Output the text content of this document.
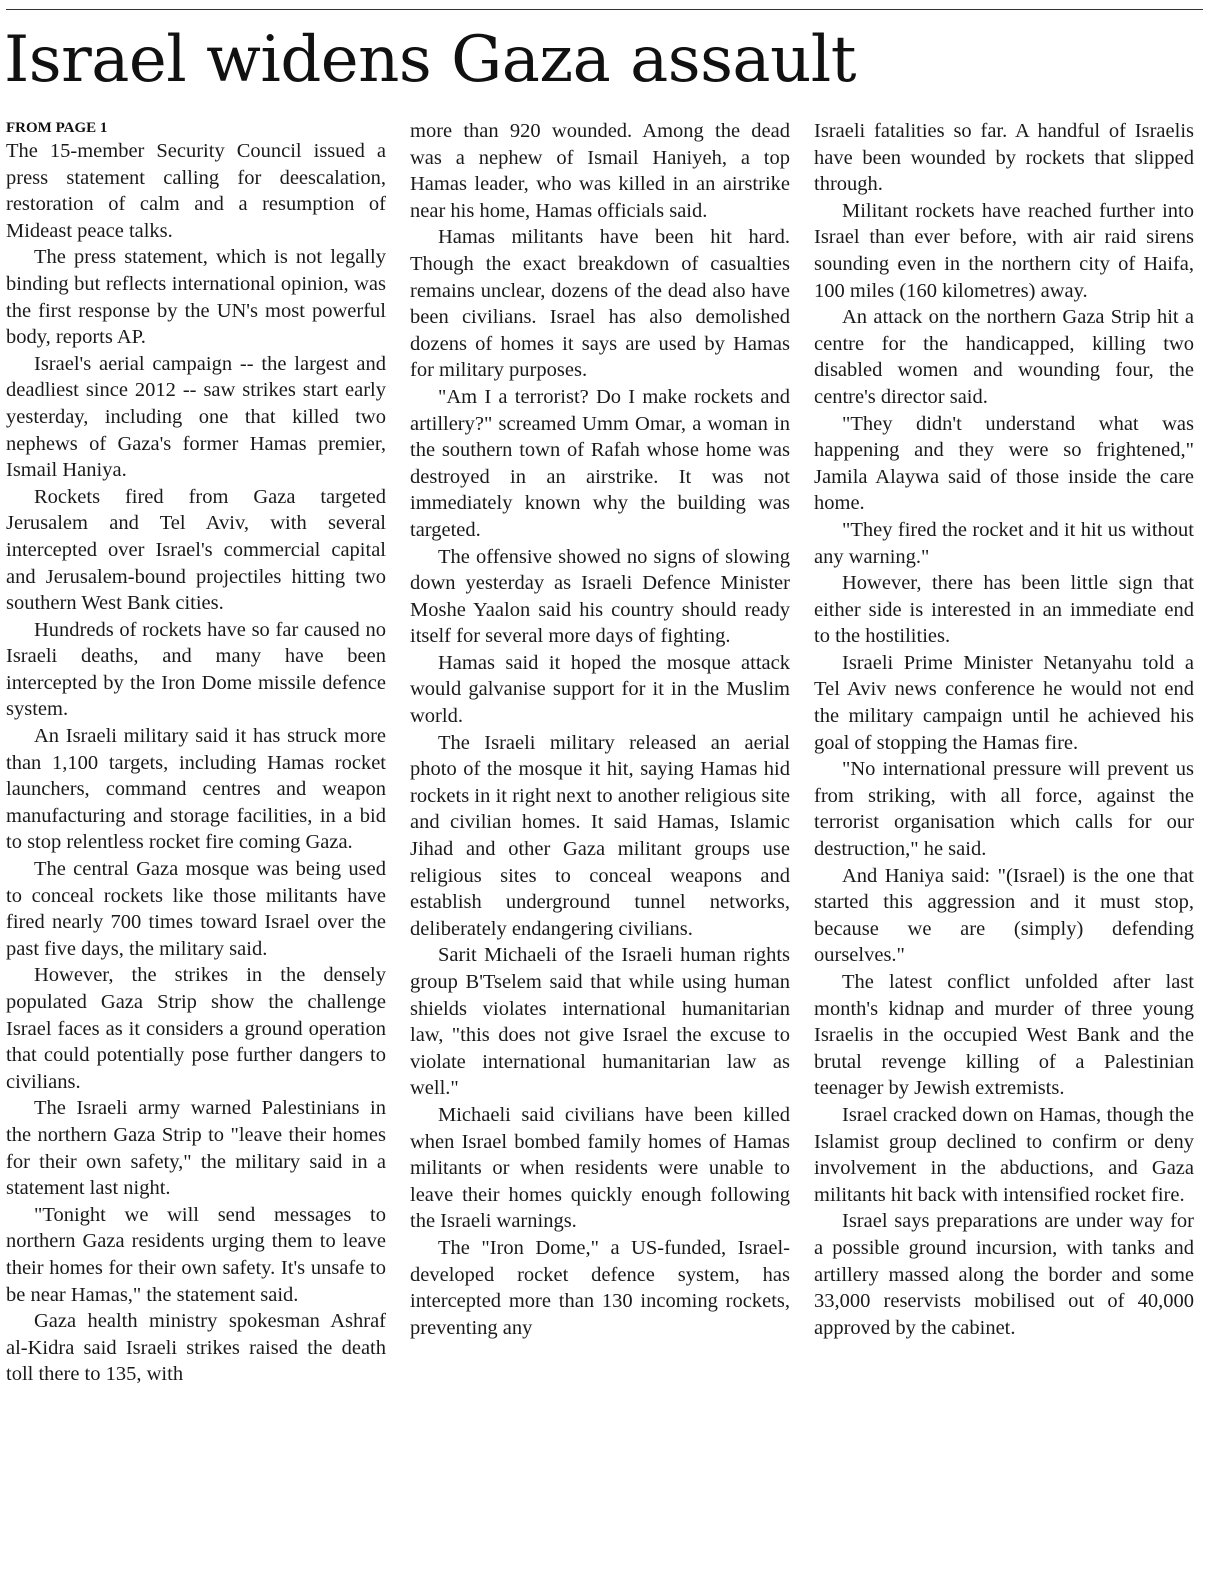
Israel widens Gaza assault
FROM PAGE 1

The 15-member Security Council issued a press statement calling for deescalation, restoration of calm and a resumption of Mideast peace talks.

The press statement, which is not legally binding but reflects international opinion, was the first response by the UN's most powerful body, reports AP.

Israel's aerial campaign -- the largest and deadliest since 2012 -- saw strikes start early yesterday, including one that killed two nephews of Gaza's former Hamas premier, Ismail Haniya.

Rockets fired from Gaza targeted Jerusalem and Tel Aviv, with several intercepted over Israel's commercial capital and Jerusalem-bound projectiles hitting two southern West Bank cities.

Hundreds of rockets have so far caused no Israeli deaths, and many have been intercepted by the Iron Dome missile defence system.

An Israeli military said it has struck more than 1,100 targets, including Hamas rocket launchers, command centres and weapon manufacturing and storage facilities, in a bid to stop relentless rocket fire coming Gaza.

The central Gaza mosque was being used to conceal rockets like those militants have fired nearly 700 times toward Israel over the past five days, the military said.

However, the strikes in the densely populated Gaza Strip show the challenge Israel faces as it considers a ground operation that could potentially pose further dangers to civilians.

The Israeli army warned Palestinians in the northern Gaza Strip to "leave their homes for their own safety," the military said in a statement last night.

"Tonight we will send messages to northern Gaza residents urging them to leave their homes for their own safety. It's unsafe to be near Hamas," the statement said.

Gaza health ministry spokesman Ashraf al-Kidra said Israeli strikes raised the death toll there to 135, with

more than 920 wounded. Among the dead was a nephew of Ismail Haniyeh, a top Hamas leader, who was killed in an airstrike near his home, Hamas officials said.

Hamas militants have been hit hard. Though the exact breakdown of casualties remains unclear, dozens of the dead also have been civilians. Israel has also demolished dozens of homes it says are used by Hamas for military purposes.

"Am I a terrorist? Do I make rockets and artillery?" screamed Umm Omar, a woman in the southern town of Rafah whose home was destroyed in an airstrike. It was not immediately known why the building was targeted.

The offensive showed no signs of slowing down yesterday as Israeli Defence Minister Moshe Yaalon said his country should ready itself for several more days of fighting.

Hamas said it hoped the mosque attack would galvanise support for it in the Muslim world.

The Israeli military released an aerial photo of the mosque it hit, saying Hamas hid rockets in it right next to another religious site and civilian homes. It said Hamas, Islamic Jihad and other Gaza militant groups use religious sites to conceal weapons and establish underground tunnel networks, deliberately endangering civilians.

Sarit Michaeli of the Israeli human rights group B'Tselem said that while using human shields violates international humanitarian law, "this does not give Israel the excuse to violate international humanitarian law as well."

Michaeli said civilians have been killed when Israel bombed family homes of Hamas militants or when residents were unable to leave their homes quickly enough following the Israeli warnings.

The "Iron Dome," a US-funded, Israel-developed rocket defence system, has intercepted more than 130 incoming rockets, preventing any

Israeli fatalities so far. A handful of Israelis have been wounded by rockets that slipped through.

Militant rockets have reached further into Israel than ever before, with air raid sirens sounding even in the northern city of Haifa, 100 miles (160 kilometres) away.

An attack on the northern Gaza Strip hit a centre for the handicapped, killing two disabled women and wounding four, the centre's director said.

"They didn't understand what was happening and they were so frightened," Jamila Alaywa said of those inside the care home.

"They fired the rocket and it hit us without any warning."

However, there has been little sign that either side is interested in an immediate end to the hostilities.

Israeli Prime Minister Netanyahu told a Tel Aviv news conference he would not end the military campaign until he achieved his goal of stopping the Hamas fire.

"No international pressure will prevent us from striking, with all force, against the terrorist organisation which calls for our destruction," he said.

And Haniya said: "(Israel) is the one that started this aggression and it must stop, because we are (simply) defending ourselves."

The latest conflict unfolded after last month's kidnap and murder of three young Israelis in the occupied West Bank and the brutal revenge killing of a Palestinian teenager by Jewish extremists.

Israel cracked down on Hamas, though the Islamist group declined to confirm or deny involvement in the abductions, and Gaza militants hit back with intensified rocket fire.

Israel says preparations are under way for a possible ground incursion, with tanks and artillery massed along the border and some 33,000 reservists mobilised out of 40,000 approved by the cabinet.
